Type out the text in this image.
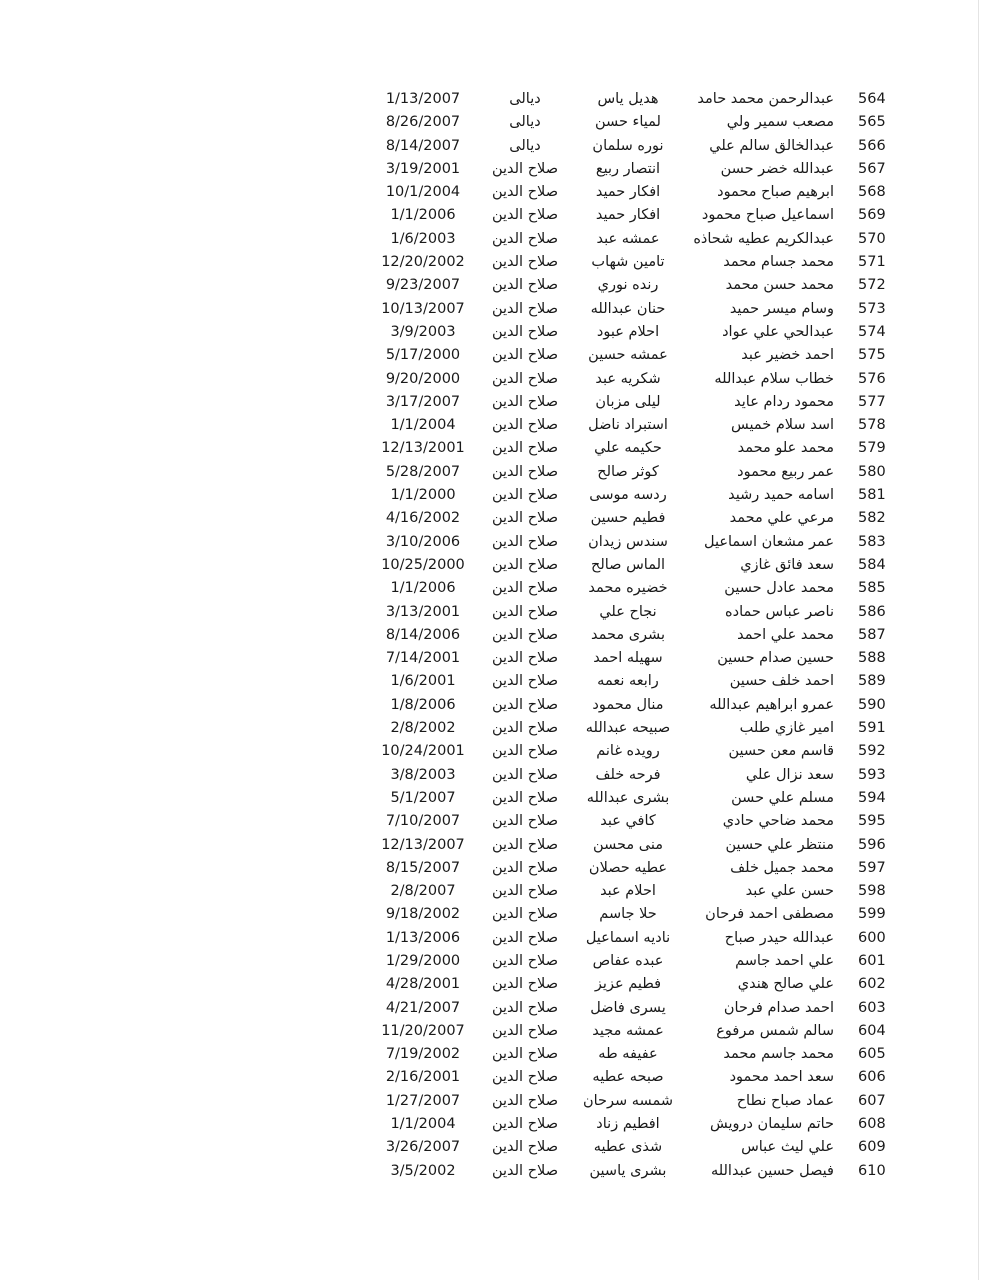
564
عبدالرحمن محمد حامد
هديل ياس
ديالى
1/13/2007
565
مصعب سمير ولي
لمياء حسن
ديالى
8/26/2007
566
عبدالخالق سالم علي
نوره سلمان
ديالى
8/14/2007
567
عبدالله خضر حسن
انتصار ربيع
صلاح الدين
3/19/2001
568
ابرهيم صباح محمود
افكار حميد
صلاح الدين
10/1/2004
569
اسماعيل صباح محمود
افكار حميد
صلاح الدين
1/1/2006
570
عبدالكريم عطيه شحاذه
عمشه عبد
صلاح الدين
1/6/2003
571
محمد جسام محمد
تامين شهاب
صلاح الدين
12/20/2002
572
محمد حسن محمد
رنده نوري
صلاح الدين
9/23/2007
573
وسام ميسر حميد
حنان عبدالله
صلاح الدين
10/13/2007
574
عبدالحي علي عواد
احلام عبود
صلاح الدين
3/9/2003
575
احمد خضير عبد
عمشه حسين
صلاح الدين
5/17/2000
576
خطاب سلام عبدالله
شكريه عبد
صلاح الدين
9/20/2000
577
محمود ردام عايد
ليلى مزبان
صلاح الدين
3/17/2007
578
اسد سلام خميس
استبراد ناضل
صلاح الدين
1/1/2004
579
محمد علو محمد
حكيمه علي
صلاح الدين
12/13/2001
580
عمر ربيع محمود
كوثر صالح
صلاح الدين
5/28/2007
581
اسامه حميد رشيد
ردسه موسى
صلاح الدين
1/1/2000
582
مرعي علي محمد
فطيم حسين
صلاح الدين
4/16/2002
583
عمر مشعان اسماعيل
سندس زيدان
صلاح الدين
3/10/2006
584
سعد فائق غازي
الماس صالح
صلاح الدين
10/25/2000
585
محمد عادل حسين
خضيره محمد
صلاح الدين
1/1/2006
586
ناصر عباس حماده
نجاح علي
صلاح الدين
3/13/2001
587
محمد علي احمد
بشرى محمد
صلاح الدين
8/14/2006
588
حسين صدام حسين
سهيله احمد
صلاح الدين
7/14/2001
589
احمد خلف حسين
رابعه نعمه
صلاح الدين
1/6/2001
590
عمرو ابراهيم عبدالله
منال محمود
صلاح الدين
1/8/2006
591
امير غازي طلب
صبيحه عبدالله
صلاح الدين
2/8/2002
592
قاسم معن حسين
رويده غانم
صلاح الدين
10/24/2001
593
سعد نزال علي
فرحه خلف
صلاح الدين
3/8/2003
594
مسلم علي حسن
بشرى عبدالله
صلاح الدين
5/1/2007
595
محمد ضاحي حادي
كافي عبد
صلاح الدين
7/10/2007
596
منتظر علي حسين
منى محسن
صلاح الدين
12/13/2007
597
محمد جميل خلف
عطيه حصلان
صلاح الدين
8/15/2007
598
حسن علي عبد
احلام عبد
صلاح الدين
2/8/2007
599
مصطفى احمد فرحان
حلا جاسم
صلاح الدين
9/18/2002
600
عبدالله حيدر صباح
ناديه اسماعيل
صلاح الدين
1/13/2006
601
علي احمد جاسم
عبده عفاص
صلاح الدين
1/29/2000
602
علي صالح هندي
فطيم عزيز
صلاح الدين
4/28/2001
603
احمد صدام فرحان
يسرى فاضل
صلاح الدين
4/21/2007
604
سالم شمس مرفوع
عمشه مجيد
صلاح الدين
11/20/2007
605
محمد جاسم محمد
عفيفه طه
صلاح الدين
7/19/2002
606
سعد احمد محمود
صبحه عطيه
صلاح الدين
2/16/2001
607
عماد صباح نطاح
شمسه سرحان
صلاح الدين
1/27/2007
608
حاتم سليمان درويش
افطيم زناد
صلاح الدين
1/1/2004
609
علي ليث عباس
شذى عطيه
صلاح الدين
3/26/2007
610
فيصل حسين عبدالله
بشرى ياسين
صلاح الدين
3/5/2002
